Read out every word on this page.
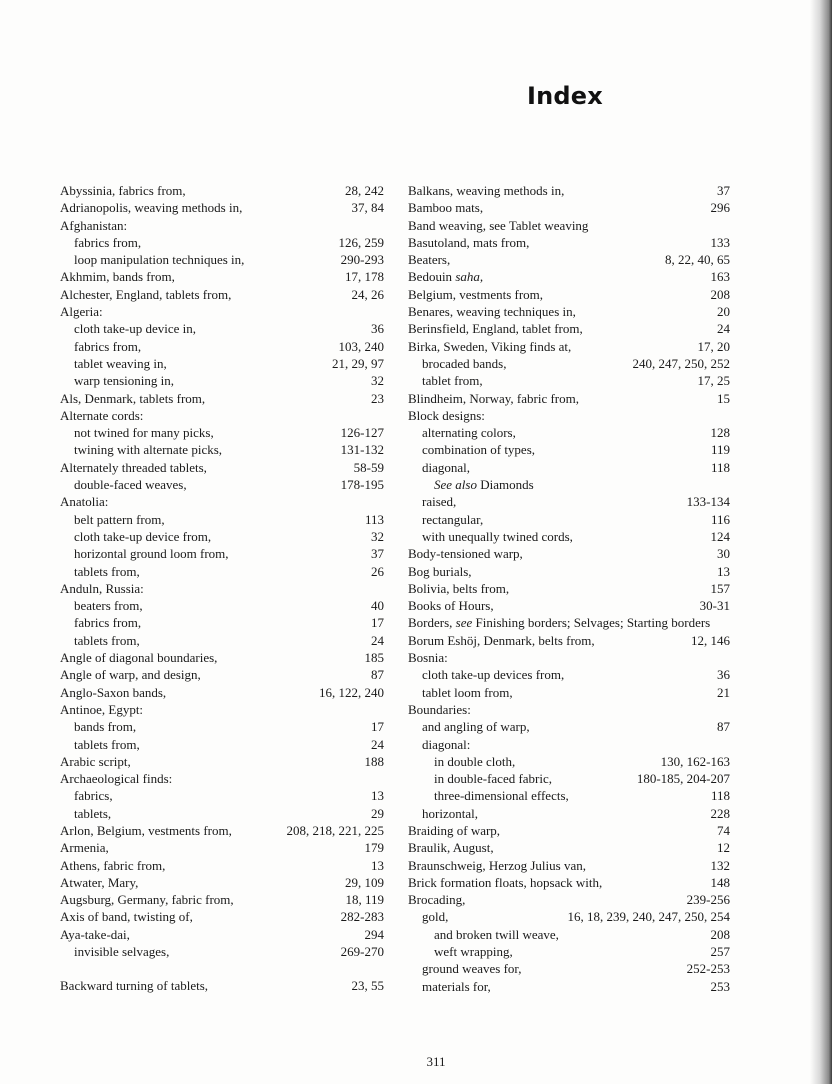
Index
Abyssinia, fabrics from,	28, 242
Adrianopolis, weaving methods in,	37, 84
Afghanistan:
fabrics from,	126, 259
loop manipulation techniques in,	290-293
Akhmim, bands from,	17, 178
Alchester, England, tablets from,	24, 26
Algeria:
cloth take-up device in,	36
fabrics from,	103, 240
tablet weaving in,	21, 29, 97
warp tensioning in,	32
Als, Denmark, tablets from,	23
Alternate cords:
not twined for many picks,	126-127
twining with alternate picks,	131-132
Alternately threaded tablets,	58-59
double-faced weaves,	178-195
Anatolia:
belt pattern from,	113
cloth take-up device from,	32
horizontal ground loom from,	37
tablets from,	26
Anduln, Russia:
beaters from,	40
fabrics from,	17
tablets from,	24
Angle of diagonal boundaries,	185
Angle of warp, and design,	87
Anglo-Saxon bands,	16, 122, 240
Antinoe, Egypt:
bands from,	17
tablets from,	24
Arabic script,	188
Archaeological finds:
fabrics,	13
tablets,	29
Arlon, Belgium, vestments from,	208, 218, 221, 225
Armenia,	179
Athens, fabric from,	13
Atwater, Mary,	29, 109
Augsburg, Germany, fabric from,	18, 119
Axis of band, twisting of,	282-283
Aya-take-dai,	294
invisible selvages,	269-270
Backward turning of tablets,	23, 55
Balkans, weaving methods in,	37
Bamboo mats,	296
Band weaving, see Tablet weaving
Basutoland, mats from,	133
Beaters,	8, 22, 40, 65
Bedouin saha,	163
Belgium, vestments from,	208
Benares, weaving techniques in,	20
Berinsfield, England, tablet from,	24
Birka, Sweden, Viking finds at,	17, 20
brocaded bands,	240, 247, 250, 252
tablet from,	17, 25
Blindheim, Norway, fabric from,	15
Block designs:
alternating colors,	128
combination of types,	119
diagonal,	118
See also Diamonds
raised,	133-134
rectangular,	116
with unequally twined cords,	124
Body-tensioned warp,	30
Bog burials,	13
Bolivia, belts from,	157
Books of Hours,	30-31
Borders, see Finishing borders; Selvages; Starting borders
Borum Eshöj, Denmark, belts from,	12, 146
Bosnia:
cloth take-up devices from,	36
tablet loom from,	21
Boundaries:
and angling of warp,	87
diagonal:
in double cloth,	130, 162-163
in double-faced fabric,	180-185, 204-207
three-dimensional effects,	118
horizontal,	228
Braiding of warp,	74
Braulik, August,	12
Braunschweig, Herzog Julius van,	132
Brick formation floats, hopsack with,	148
Brocading,	239-256
gold,	16, 18, 239, 240, 247, 250, 254
and broken twill weave,	208
weft wrapping,	257
ground weaves for,	252-253
materials for,	253
311
